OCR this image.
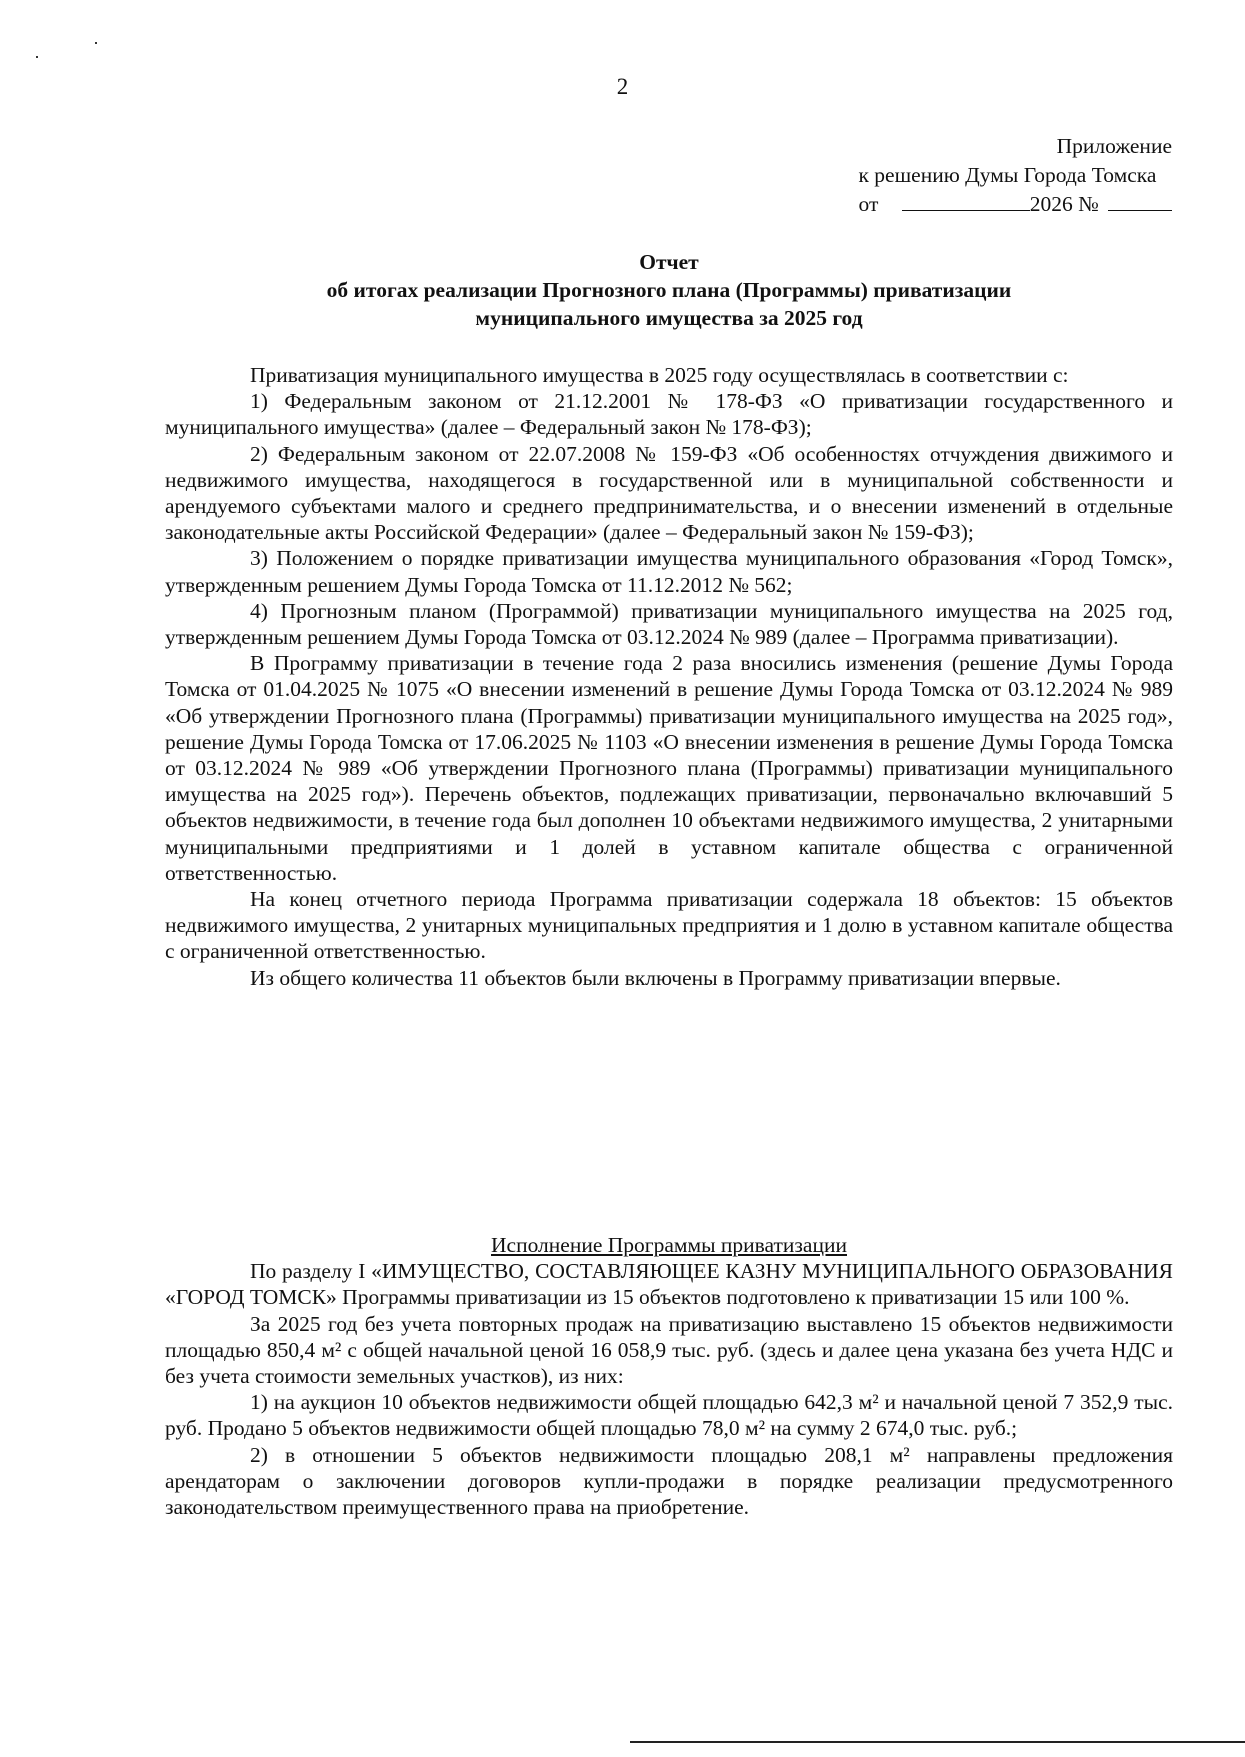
2
Приложение
к решению Думы Города Томска
от	2026 №
Отчет
об итогах реализации Прогнозного плана (Программы) приватизации
муниципального имущества за 2025 год

Приватизация муниципального имущества в 2025 году осуществлялась в соответствии с:

1) Федеральным законом от 21.12.2001 № 178-ФЗ «О приватизации государственного и муниципального имущества» (далее – Федеральный закон № 178-ФЗ);

2) Федеральным законом от 22.07.2008 № 159-ФЗ «Об особенностях отчуждения движимого и недвижимого имущества, находящегося в государственной или в муниципальной собственности и арендуемого субъектами малого и среднего предпринимательства, и о внесении изменений в отдельные законодательные акты Российской Федерации» (далее – Федеральный закон № 159-ФЗ);

3) Положением о порядке приватизации имущества муниципального образования «Город Томск», утвержденным решением Думы Города Томска от 11.12.2012 № 562;

4) Прогнозным планом (Программой) приватизации муниципального имущества на 2025 год, утвержденным решением Думы Города Томска от 03.12.2024 № 989 (далее – Программа приватизации).

В Программу приватизации в течение года 2 раза вносились изменения (решение Думы Города Томска от 01.04.2025 № 1075 «О внесении изменений в решение Думы Города Томска от 03.12.2024 № 989 «Об утверждении Прогнозного плана (Программы) приватизации муниципального имущества на 2025 год», решение Думы Города Томска от 17.06.2025 № 1103 «О внесении изменения в решение Думы Города Томска от 03.12.2024 № 989 «Об утверждении Прогнозного плана (Программы) приватизации муниципального имущества на 2025 год»). Перечень объектов, подлежащих приватизации, первоначально включавший 5 объектов недвижимости, в течение года был дополнен 10 объектами недвижимого имущества, 2 унитарными муниципальными предприятиями и 1 долей в уставном капитале общества с ограниченной ответственностью.

На конец отчетного периода Программа приватизации содержала 18 объектов: 15 объектов недвижимого имущества, 2 унитарных муниципальных предприятия и 1 долю в уставном капитале общества с ограниченной ответственностью.

Из общего количества 11 объектов были включены в Программу приватизации впервые.

Исполнение Программы приватизации

По разделу I «ИМУЩЕСТВО, СОСТАВЛЯЮЩЕЕ КАЗНУ МУНИЦИПАЛЬНОГО ОБРАЗОВАНИЯ «ГОРОД ТОМСК» Программы приватизации из 15 объектов подготовлено к приватизации 15 или 100 %.

За 2025 год без учета повторных продаж на приватизацию выставлено 15 объектов недвижимости площадью 850,4 м² с общей начальной ценой 16 058,9 тыс. руб. (здесь и далее цена указана без учета НДС и без учета стоимости земельных участков), из них:

1) на аукцион 10 объектов недвижимости общей площадью 642,3 м² и начальной ценой 7 352,9 тыс. руб. Продано 5 объектов недвижимости общей площадью 78,0 м² на сумму 2 674,0 тыс. руб.;

2) в отношении 5 объектов недвижимости площадью 208,1 м² направлены предложения арендаторам о заключении договоров купли-продажи в порядке реализации предусмотренного законодательством преимущественного права на приобретение.
